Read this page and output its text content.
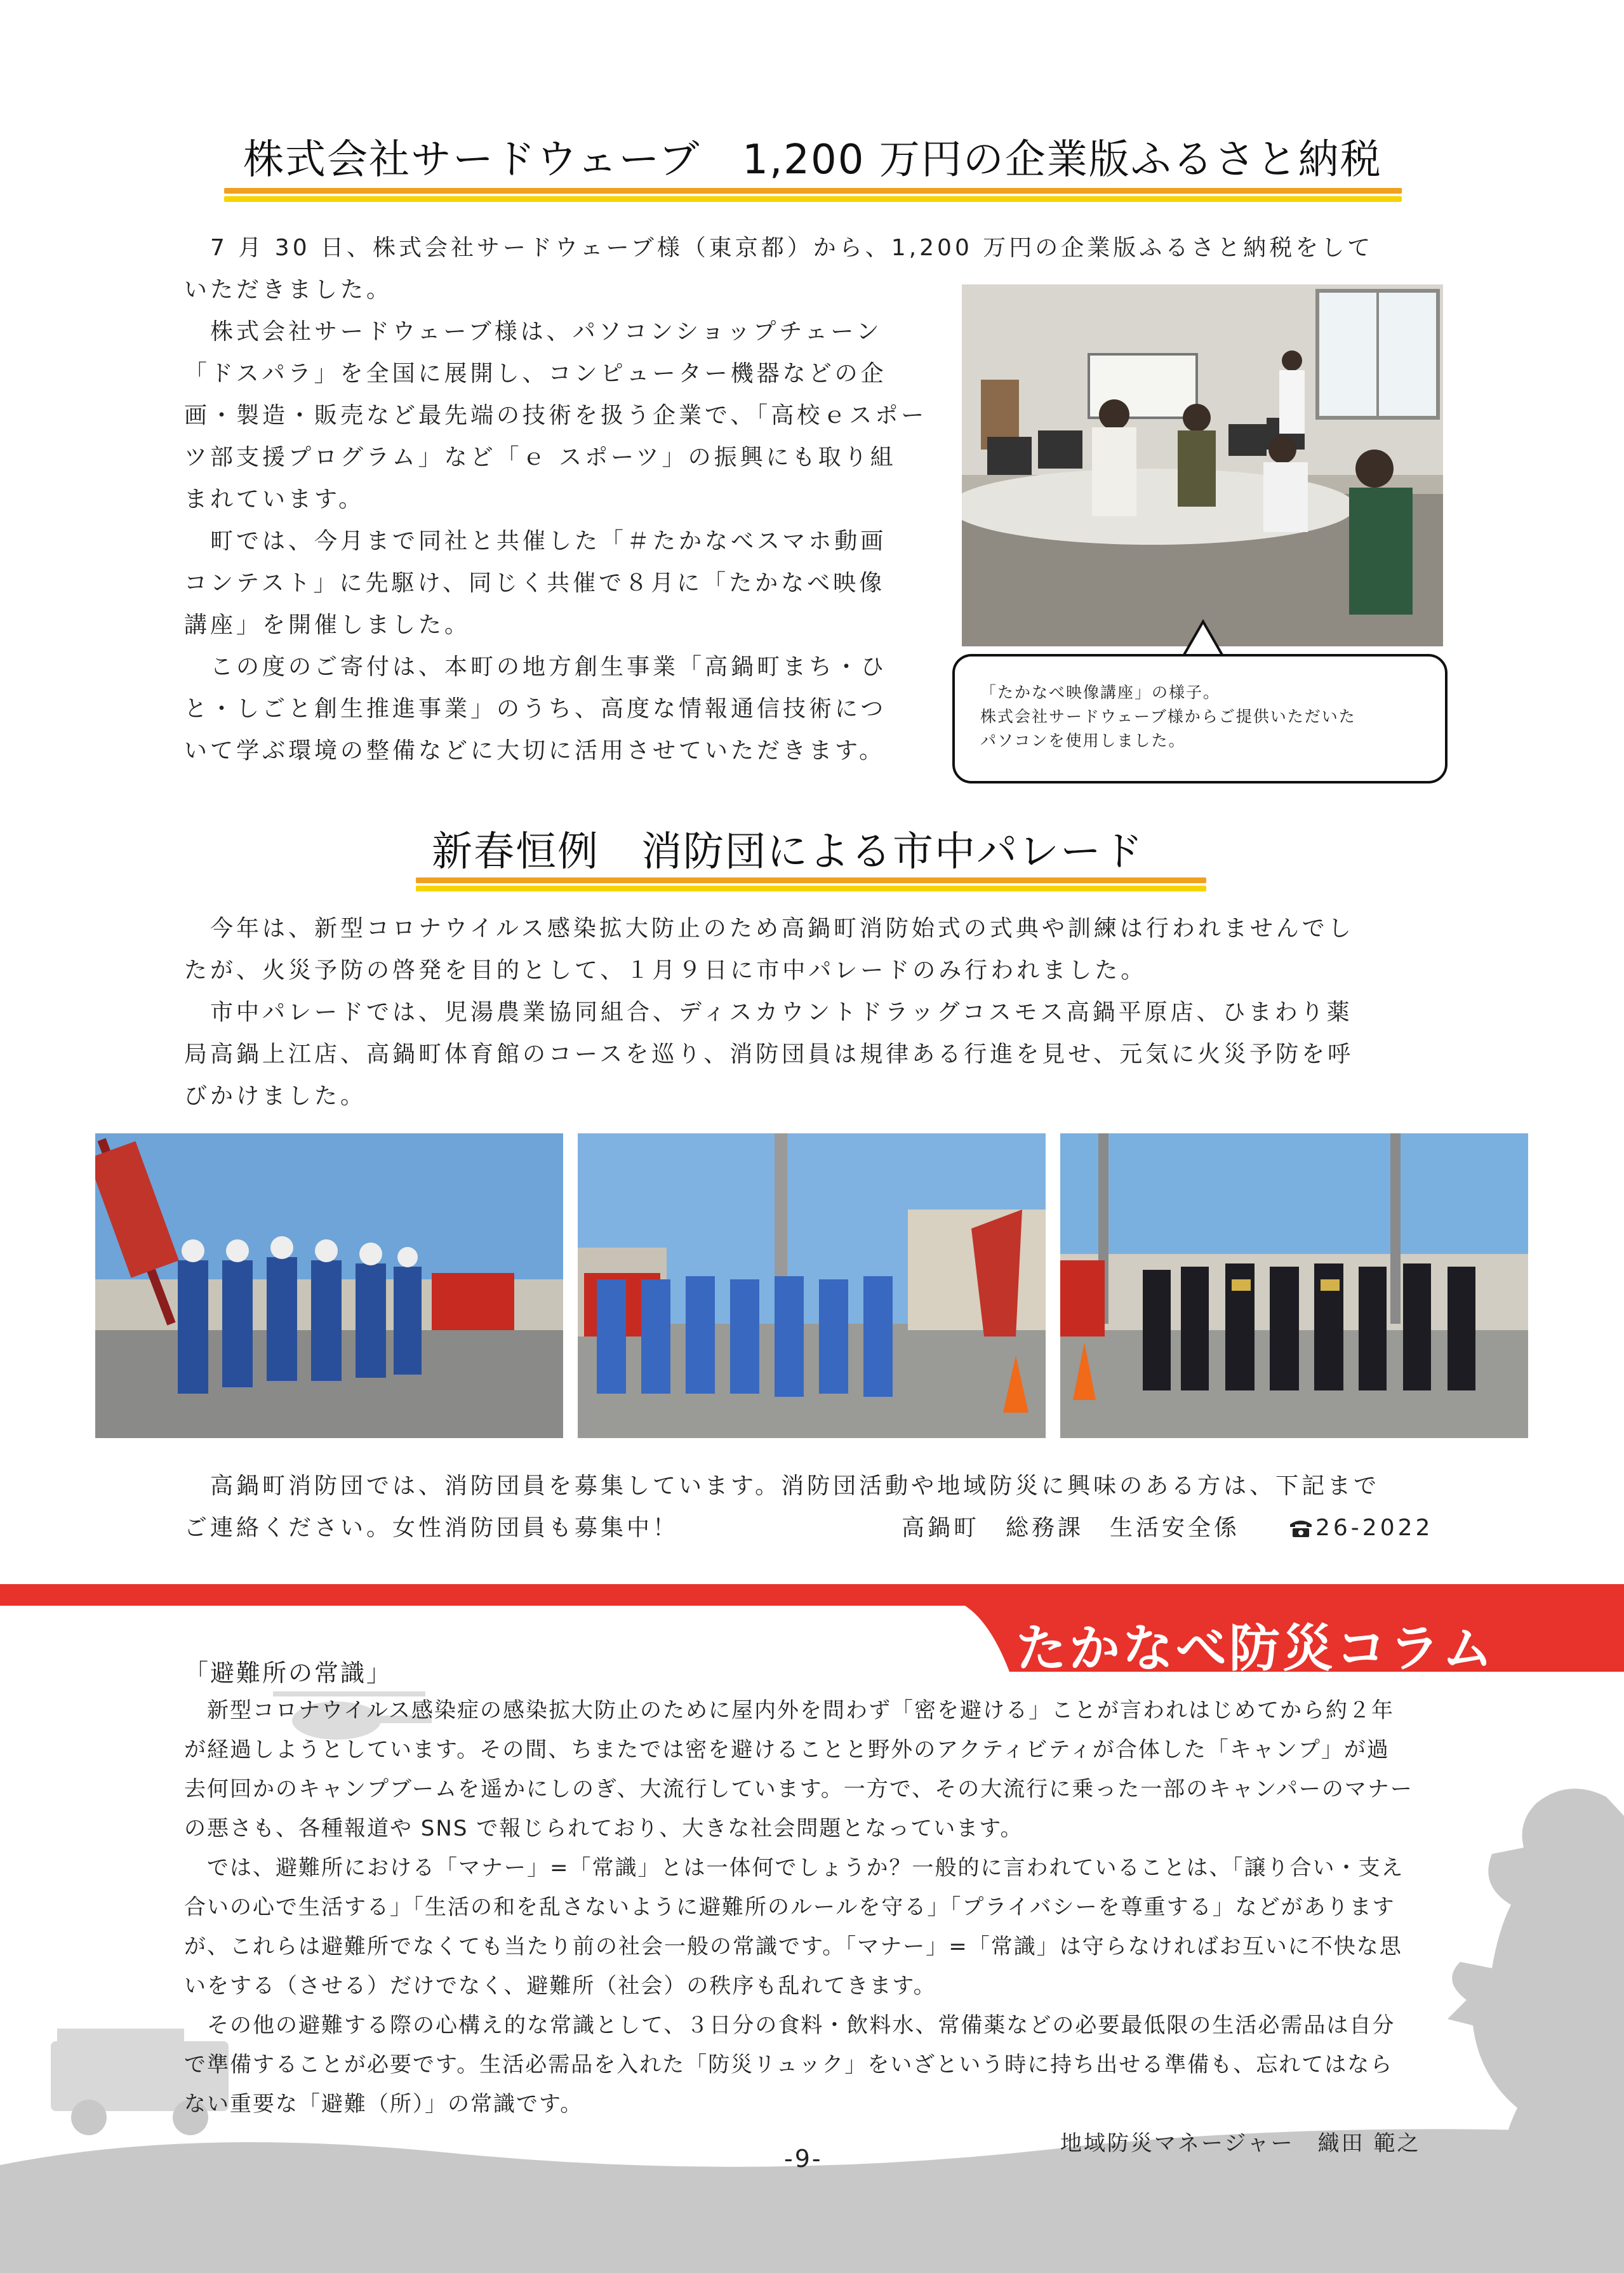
株式会社サードウェーブ　1,200 万円の企業版ふるさと納税

　7 月 30 日、株式会社サードウェーブ様（東京都）から、1,200 万円の企業版ふるさと納税をして

いただきました。

　株式会社サードウェーブ様は、パソコンショップチェーン

「ドスパラ」を全国に展開し、コンピューター機器などの企

画・製造・販売など最先端の技術を扱う企業で、「高校ｅスポー

ツ部支援プログラム」など「ｅ スポーツ」の振興にも取り組

まれています。

　町では、今月まで同社と共催した「＃たかなべスマホ動画

コンテスト」に先駆け、同じく共催で８月に「たかなべ映像

講座」を開催しました。

　この度のご寄付は、本町の地方創生事業「高鍋町まち・ひ

と・しごと創生推進事業」のうち、高度な情報通信技術につ

いて学ぶ環境の整備などに大切に活用させていただきます。

「たかなべ映像講座」の様子。

株式会社サードウェーブ様からご提供いただいた

パソコンを使用しました。

新春恒例　消防団による市中パレード

　今年は、新型コロナウイルス感染拡大防止のため高鍋町消防始式の式典や訓練は行われませんでし

たが、火災予防の啓発を目的として、１月９日に市中パレードのみ行われました。

　市中パレードでは、児湯農業協同組合、ディスカウントドラッグコスモス高鍋平原店、ひまわり薬

局高鍋上江店、高鍋町体育館のコースを巡り、消防団員は規律ある行進を見せ、元気に火災予防を呼

びかけました。

　高鍋町消防団では、消防団員を募集しています。消防団活動や地域防災に興味のある方は、下記まで

ご連絡ください。女性消防団員も募集中！	高鍋町　総務課　生活安全係	26-2022
たかなべ防災コラム
「避難所の常識」

　新型コロナウイルス感染症の感染拡大防止のために屋内外を問わず「密を避ける」ことが言われはじめてから約２年

が経過しようとしています。その間、ちまたでは密を避けることと野外のアクティビティが合体した「キャンプ」が過

去何回かのキャンプブームを遥かにしのぎ、大流行しています。一方で、その大流行に乗った一部のキャンパーのマナー

の悪さも、各種報道や SNS で報じられており、大きな社会問題となっています。

　では、避難所における「マナー」=「常識」とは一体何でしょうか？一般的に言われていることは、「譲り合い・支え

合いの心で生活する」「生活の和を乱さないように避難所のルールを守る」「プライバシーを尊重する」などがあります

が、これらは避難所でなくても当たり前の社会一般の常識です。「マナー」=「常識」は守らなければお互いに不快な思

いをする（させる）だけでなく、避難所（社会）の秩序も乱れてきます。

　その他の避難する際の心構え的な常識として、３日分の食料・飲料水、常備薬などの必要最低限の生活必需品は自分

で準備することが必要です。生活必需品を入れた「防災リュック」をいざという時に持ち出せる準備も、忘れてはなら

ない重要な「避難（所）」の常識です。

地域防災マネージャー　織田 範之
-9-
